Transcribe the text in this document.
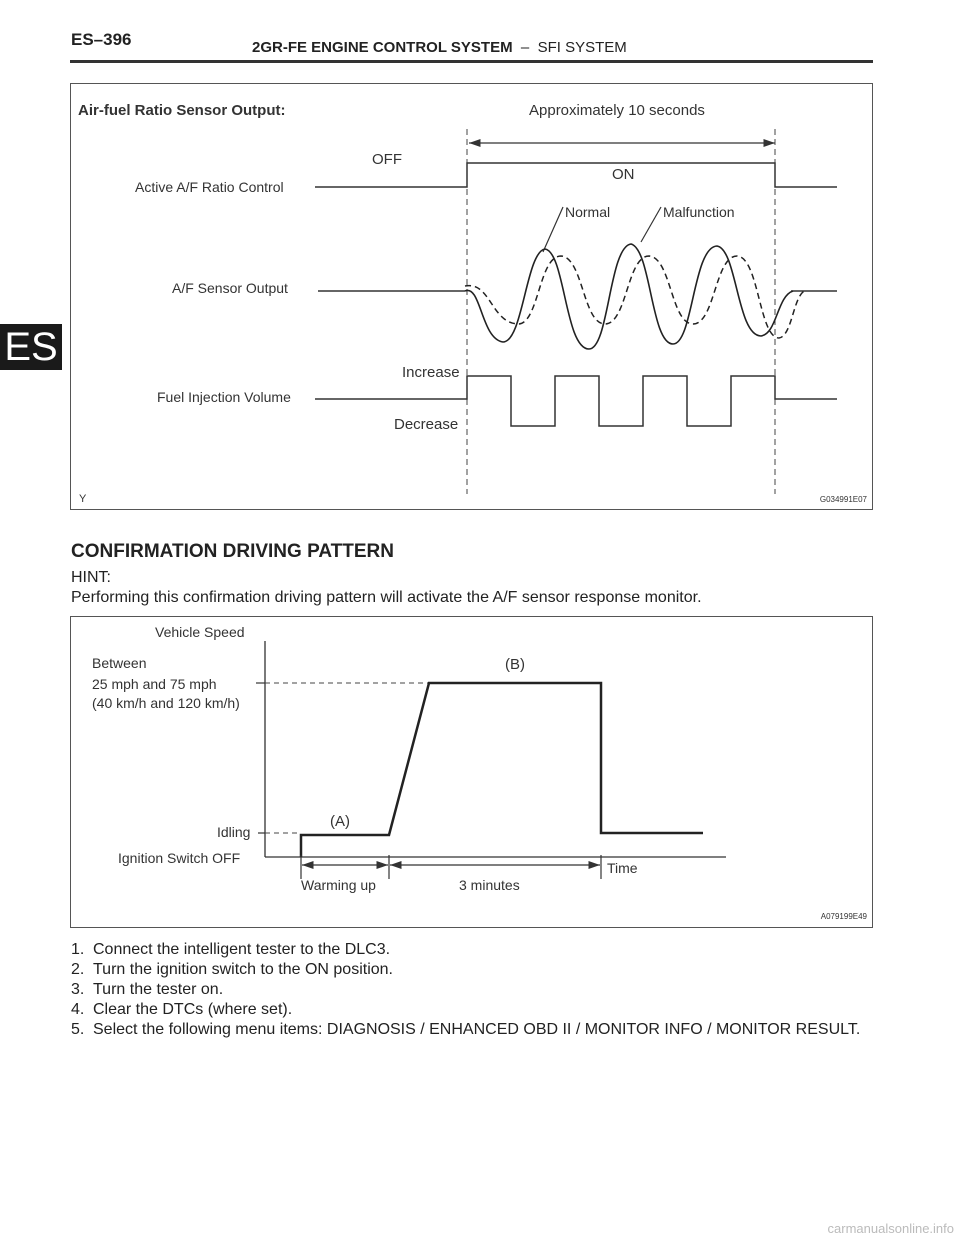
ES–396	2GR-FE ENGINE CONTROL SYSTEM  –  SFI SYSTEM
ES
Air-fuel Ratio Sensor Output:	Approximately 10 seconds
OFF
ON
Active A/F Ratio Control
Normal	Malfunction
A/F Sensor Output
Increase
Fuel Injection Volume
Decrease
Y	G034991E07
CONFIRMATION DRIVING PATTERN
HINT:
Performing this confirmation driving pattern will activate the A/F sensor response monitor.
Vehicle Speed
Between
25 mph and 75 mph
(40 km/h and 120 km/h)
(B)
(A)
Idling
Ignition Switch OFF
Warming up	3 minutes
Time
A079199E49
1. Connect the intelligent tester to the DLC3.
2. Turn the ignition switch to the ON position.
3. Turn the tester on.
4. Clear the DTCs (where set).
5. Select the following menu items: DIAGNOSIS / ENHANCED OBD II / MONITOR INFO / MONITOR RESULT.
carmanualsonline.info
